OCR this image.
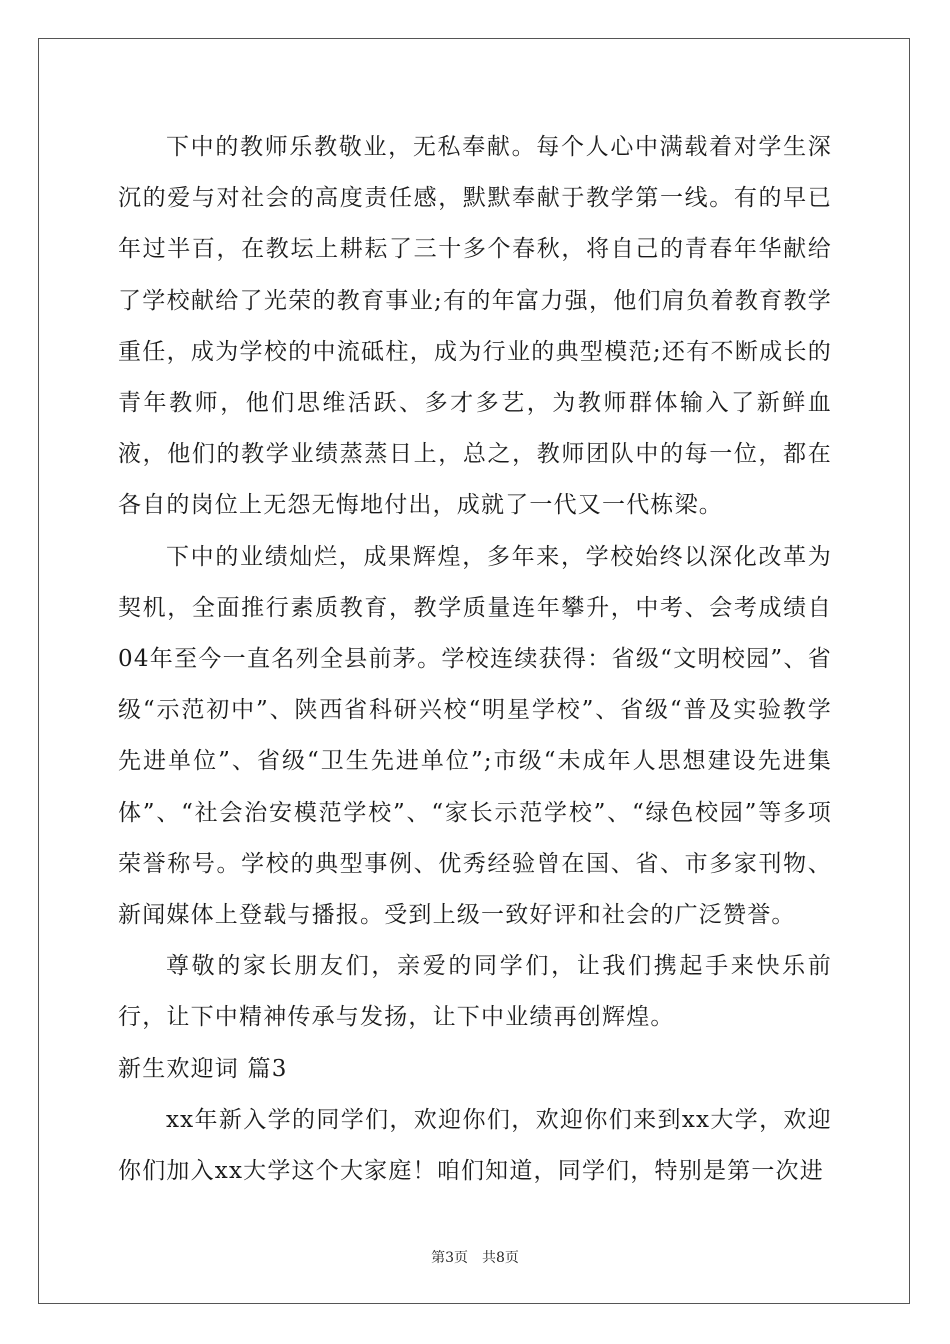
下中的教师乐教敬业，无私奉献。每个人心中满载着对学生深沉的爱与对社会的高度责任感，默默奉献于教学第一线。有的早已年过半百，在教坛上耕耘了三十多个春秋，将自己的青春年华献给了学校献给了光荣的教育事业;有的年富力强，他们肩负着教育教学重任，成为学校的中流砥柱，成为行业的典型模范;还有不断成长的青年教师，他们思维活跃、多才多艺，为教师群体输入了新鲜血液，他们的教学业绩蒸蒸日上，总之，教师团队中的每一位，都在各自的岗位上无怨无悔地付出，成就了一代又一代栋梁。

下中的业绩灿烂，成果辉煌，多年来，学校始终以深化改革为契机，全面推行素质教育，教学质量连年攀升，中考、会考成绩自04年至今一直名列全县前茅。学校连续获得：省级“文明校园”、省级“示范初中”、陕西省科研兴校“明星学校”、省级“普及实验教学先进单位”、省级“卫生先进单位”;市级“未成年人思想建设先进集体”、“社会治安模范学校”、“家长示范学校”、“绿色校园”等多项荣誉称号。学校的典型事例、优秀经验曾在国、省、市多家刊物、新闻媒体上登载与播报。受到上级一致好评和社会的广泛赞誉。

尊敬的家长朋友们，亲爱的同学们，让我们携起手来快乐前行，让下中精神传承与发扬，让下中业绩再创辉煌。

新生欢迎词 篇3

xx年新入学的同学们，欢迎你们，欢迎你们来到xx大学，欢迎你们加入xx大学这个大家庭！咱们知道，同学们，特别是第一次进

第3页　共8页
